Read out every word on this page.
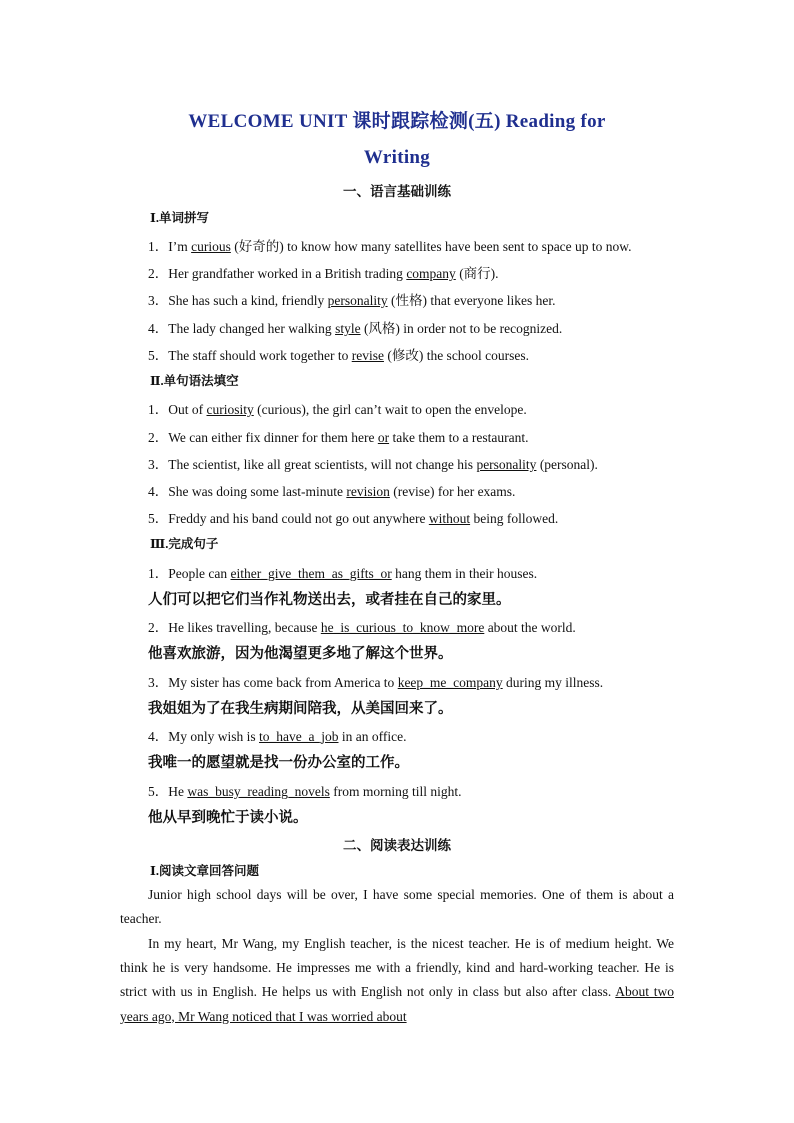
WELCOME UNIT 课时跟踪检测(五) Reading for
Writing
一、语言基础训练
Ⅰ.单词拼写
1．I’m curious (好奇的) to know how many satellites have been sent to space up to now.
2．Her grandfather worked in a British trading company (商行).
3．She has such a kind, friendly personality (性格) that everyone likes her.
4．The lady changed her walking style (风格) in order not to be recognized.
5．The staff should work together to revise (修改) the school courses.
Ⅱ.单句语法填空
1．Out of curiosity (curious), the girl can’t wait to open the envelope.
2．We can either fix dinner for them here or take them to a restaurant.
3．The scientist, like all great scientists, will not change his personality (personal).
4．She was doing some last-minute revision (revise) for her exams.
5．Freddy and his band could not go out anywhere without being followed.
Ⅲ.完成句子
1．People can either_give_them_as_gifts_or hang them in their houses.
人们可以把它们当作礼物送出去，或者挂在自己的家里。
2．He likes travelling, because he_is_curious_to_know_more about the world.
他喜欢旅游，因为他渴望更多地了解这个世界。
3．My sister has come back from America to keep_me_company during my illness.
我姐姐为了在我生病期间陪我，从美国回来了。
4．My only wish is to_have_a_job in an office.
我唯一的愿望就是找一份办公室的工作。
5．He was_busy_reading_novels from morning till night.
他从早到晚忙于读小说。
二、阅读表达训练
Ⅰ.阅读文章回答问题

Junior high school days will be over, I have some special memories. One of them is about a teacher.

In my heart, Mr Wang, my English teacher, is the nicest teacher. He is of medium height. We think he is very handsome. He impresses me with a friendly, kind and hard-working teacher. He is strict with us in English. He helps us with English not only in class but also after class. About two years ago, Mr Wang noticed that I was worried about
